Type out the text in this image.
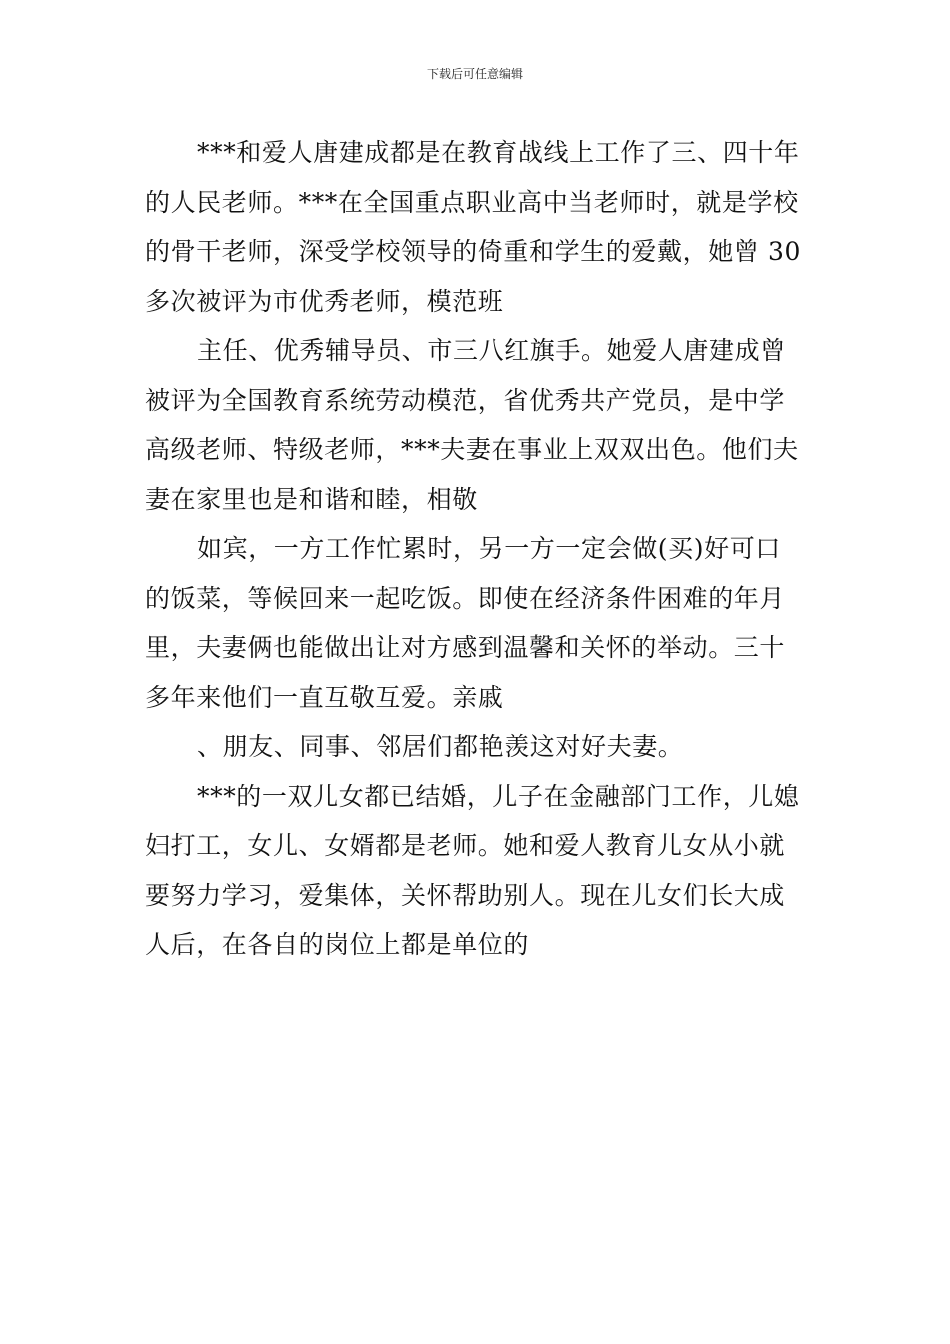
下载后可任意编辑
***和爱人唐建成都是在教育战线上工作了三、四十年
的人民老师。***在全国重点职业高中当老师时，就是学校
的骨干老师，深受学校领导的倚重和学生的爱戴，她曾 30
多次被评为市优秀老师，模范班
主任、优秀辅导员、市三八红旗手。她爱人唐建成曾
被评为全国教育系统劳动模范，省优秀共产党员，是中学
高级老师、特级老师，***夫妻在事业上双双出色。他们夫
妻在家里也是和谐和睦，相敬
如宾，一方工作忙累时，另一方一定会做(买)好可口
的饭菜，等候回来一起吃饭。即使在经济条件困难的年月
里，夫妻俩也能做出让对方感到温馨和关怀的举动。三十
多年来他们一直互敬互爱。亲戚
、朋友、同事、邻居们都艳羡这对好夫妻。
***的一双儿女都已结婚，儿子在金融部门工作，儿媳
妇打工，女儿、女婿都是老师。她和爱人教育儿女从小就
要努力学习，爱集体，关怀帮助别人。现在儿女们长大成
人后，在各自的岗位上都是单位的
